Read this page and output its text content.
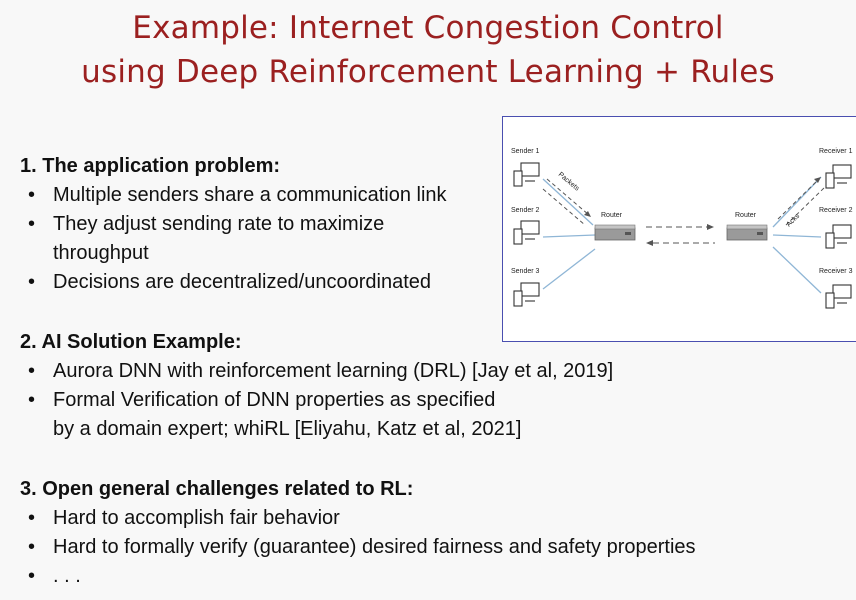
Example: Internet Congestion Control
using Deep Reinforcement Learning + Rules
1. The application problem:
• Multiple senders share a communication link
• They adjust sending rate to maximize
throughput
• Decisions are decentralized/uncoordinated
2. AI Solution Example:
• Aurora DNN with reinforcement learning (DRL) [Jay et al, 2019]
• Formal Verification of DNN properties as specified
by a domain expert; whiRL [Eliyahu, Katz et al, 2021]
3. Open general challenges related to RL:
• Hard to accomplish fair behavior
• Hard to formally verify (guarantee) desired fairness and safety properties
• . . .
Router	Router
Packets
Acks
Sender 1
Sender 2
Sender 3
Receiver 1
Receiver 2
Receiver 3
